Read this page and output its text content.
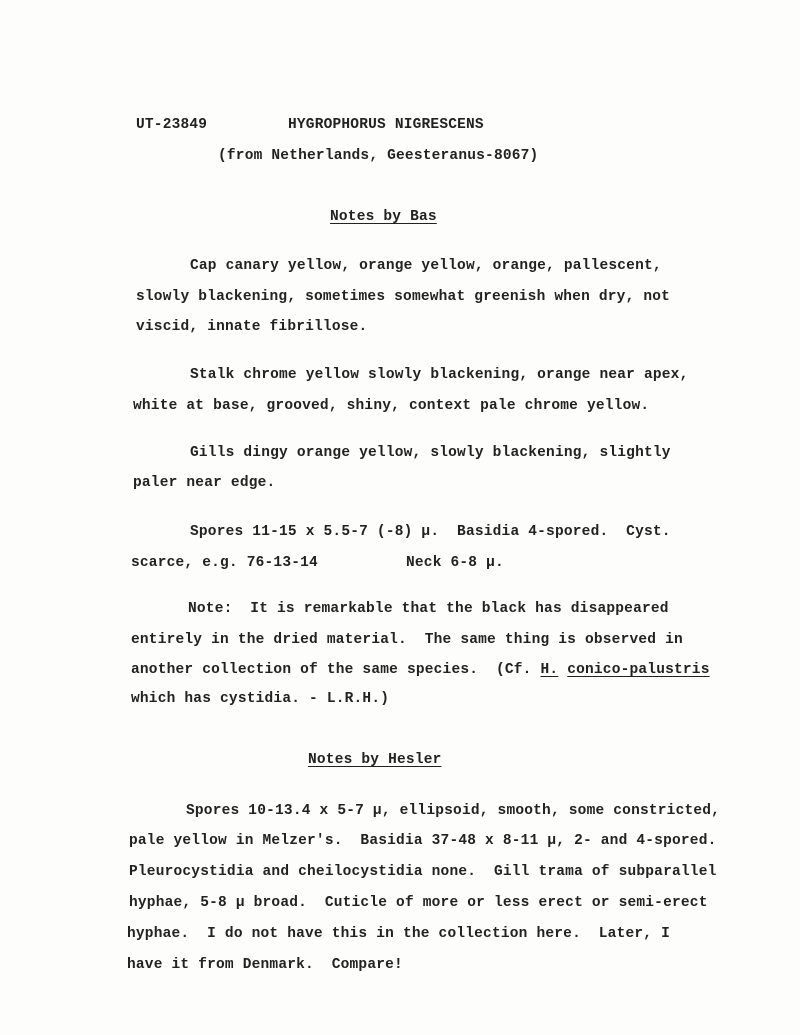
UT-23849	HYGROPHORUS NIGRESCENS
(from Netherlands, Geesteranus-8067)
Notes by Bas
Cap canary yellow, orange yellow, orange, pallescent,
slowly blackening, sometimes somewhat greenish when dry, not
viscid, innate fibrillose.
Stalk chrome yellow slowly blackening, orange near apex,
white at base, grooved, shiny, context pale chrome yellow.
Gills dingy orange yellow, slowly blackening, slightly
paler near edge.
Spores 11-15 x 5.5-7 (-8) µ.  Basidia 4-spored.  Cyst.
scarce, e.g. 76-13-14	Neck 6-8 µ.
Note:  It is remarkable that the black has disappeared
entirely in the dried material.  The same thing is observed in
another collection of the same species.  (Cf. H. conico-palustris
which has cystidia. - L.R.H.)
Notes by Hesler
Spores 10-13.4 x 5-7 µ, ellipsoid, smooth, some constricted,
pale yellow in Melzer's.  Basidia 37-48 x 8-11 µ, 2- and 4-spored.
Pleurocystidia and cheilocystidia none.  Gill trama of subparallel
hyphae, 5-8 µ broad.  Cuticle of more or less erect or semi-erect
hyphae.  I do not have this in the collection here.  Later, I
have it from Denmark.  Compare!
